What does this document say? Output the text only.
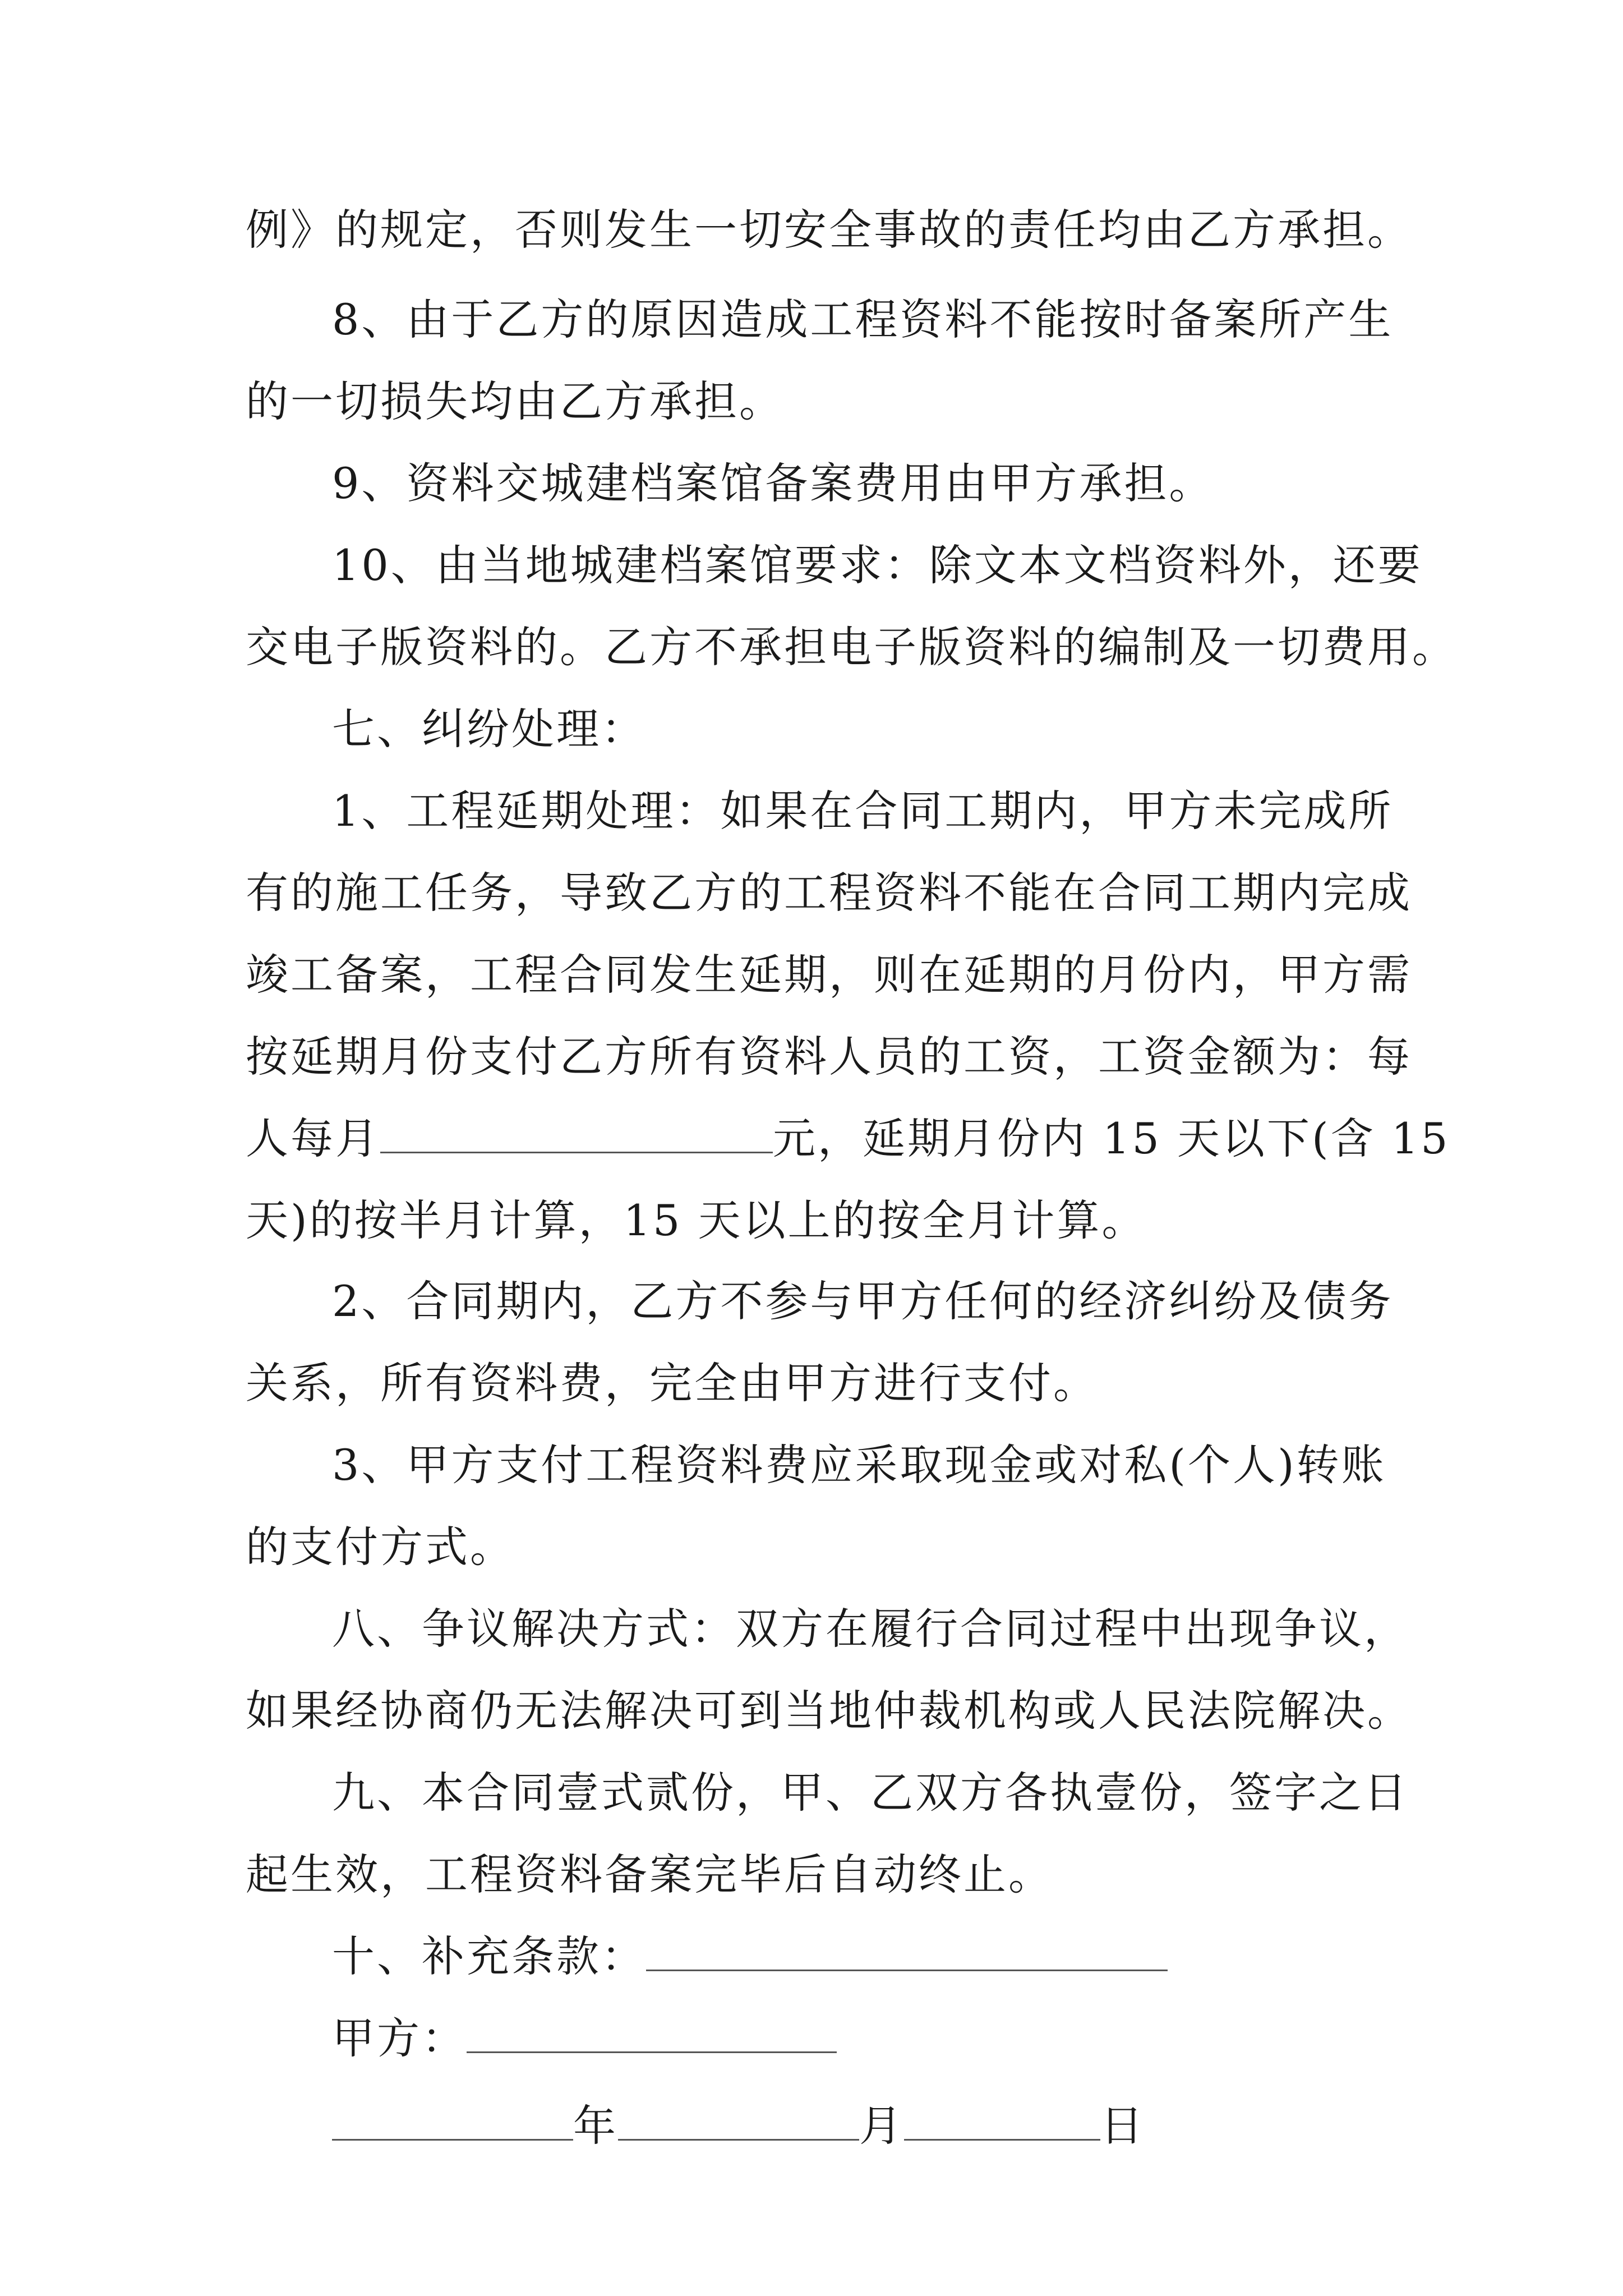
例》的规定，否则发生一切安全事故的责任均由乙方承担。
8、由于乙方的原因造成工程资料不能按时备案所产生
的一切损失均由乙方承担。
9、资料交城建档案馆备案费用由甲方承担。
10、由当地城建档案馆要求：除文本文档资料外，还要
交电子版资料的。乙方不承担电子版资料的编制及一切费用。
七、纠纷处理：
1、工程延期处理：如果在合同工期内，甲方未完成所
有的施工任务，导致乙方的工程资料不能在合同工期内完成
竣工备案，工程合同发生延期，则在延期的月份内，甲方需
按延期月份支付乙方所有资料人员的工资，工资金额为：每
人每月	元，延期月份内 15 天以下(含 15
天)的按半月计算，15 天以上的按全月计算。
2、合同期内，乙方不参与甲方任何的经济纠纷及债务
关系，所有资料费，完全由甲方进行支付。
3、甲方支付工程资料费应采取现金或对私(个人)转账
的支付方式。
八、争议解决方式：双方在履行合同过程中出现争议，
如果经协商仍无法解决可到当地仲裁机构或人民法院解决。
九、本合同壹式贰份，甲、乙双方各执壹份，签字之日
起生效，工程资料备案完毕后自动终止。
十、补充条款：
甲方：
年	月	日
